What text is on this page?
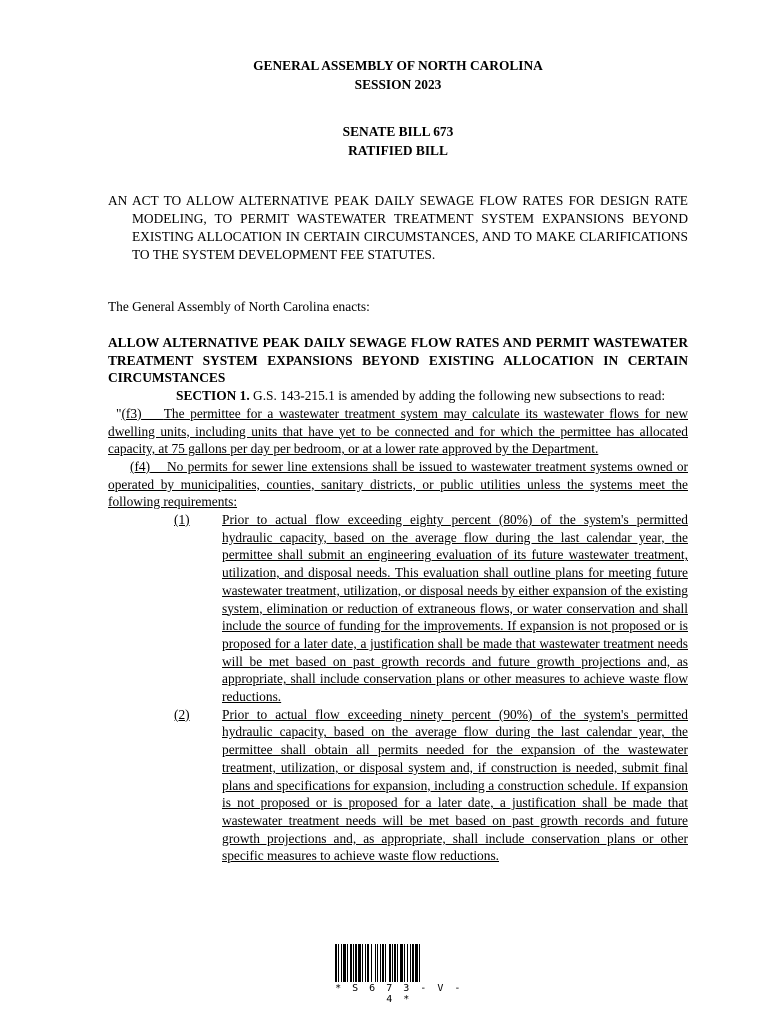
GENERAL ASSEMBLY OF NORTH CAROLINA
SESSION 2023
SENATE BILL 673
RATIFIED BILL
AN ACT TO ALLOW ALTERNATIVE PEAK DAILY SEWAGE FLOW RATES FOR DESIGN RATE MODELING, TO PERMIT WASTEWATER TREATMENT SYSTEM EXPANSIONS BEYOND EXISTING ALLOCATION IN CERTAIN CIRCUMSTANCES, AND TO MAKE CLARIFICATIONS TO THE SYSTEM DEVELOPMENT FEE STATUTES.
The General Assembly of North Carolina enacts:
ALLOW ALTERNATIVE PEAK DAILY SEWAGE FLOW RATES AND PERMIT WASTEWATER TREATMENT SYSTEM EXPANSIONS BEYOND EXISTING ALLOCATION IN CERTAIN CIRCUMSTANCES
SECTION 1. G.S. 143-215.1 is amended by adding the following new subsections to read:
"(f3) The permittee for a wastewater treatment system may calculate its wastewater flows for new dwelling units, including units that have yet to be connected and for which the permittee has allocated capacity, at 75 gallons per day per bedroom, or at a lower rate approved by the Department.
(f4) No permits for sewer line extensions shall be issued to wastewater treatment systems owned or operated by municipalities, counties, sanitary districts, or public utilities unless the systems meet the following requirements:
(1) Prior to actual flow exceeding eighty percent (80%) of the system's permitted hydraulic capacity, based on the average flow during the last calendar year, the permittee shall submit an engineering evaluation of its future wastewater treatment, utilization, and disposal needs. This evaluation shall outline plans for meeting future wastewater treatment, utilization, or disposal needs by either expansion of the existing system, elimination or reduction of extraneous flows, or water conservation and shall include the source of funding for the improvements. If expansion is not proposed or is proposed for a later date, a justification shall be made that wastewater treatment needs will be met based on past growth records and future growth projections and, as appropriate, shall include conservation plans or other measures to achieve waste flow reductions.
(2) Prior to actual flow exceeding ninety percent (90%) of the system's permitted hydraulic capacity, based on the average flow during the last calendar year, the permittee shall obtain all permits needed for the expansion of the wastewater treatment, utilization, or disposal system and, if construction is needed, submit final plans and specifications for expansion, including a construction schedule. If expansion is not proposed or is proposed for a later date, a justification shall be made that wastewater treatment needs will be met based on past growth records and future growth projections and, as appropriate, shall include conservation plans or other specific measures to achieve waste flow reductions.
* S 6 7 3 - V - 4 *
